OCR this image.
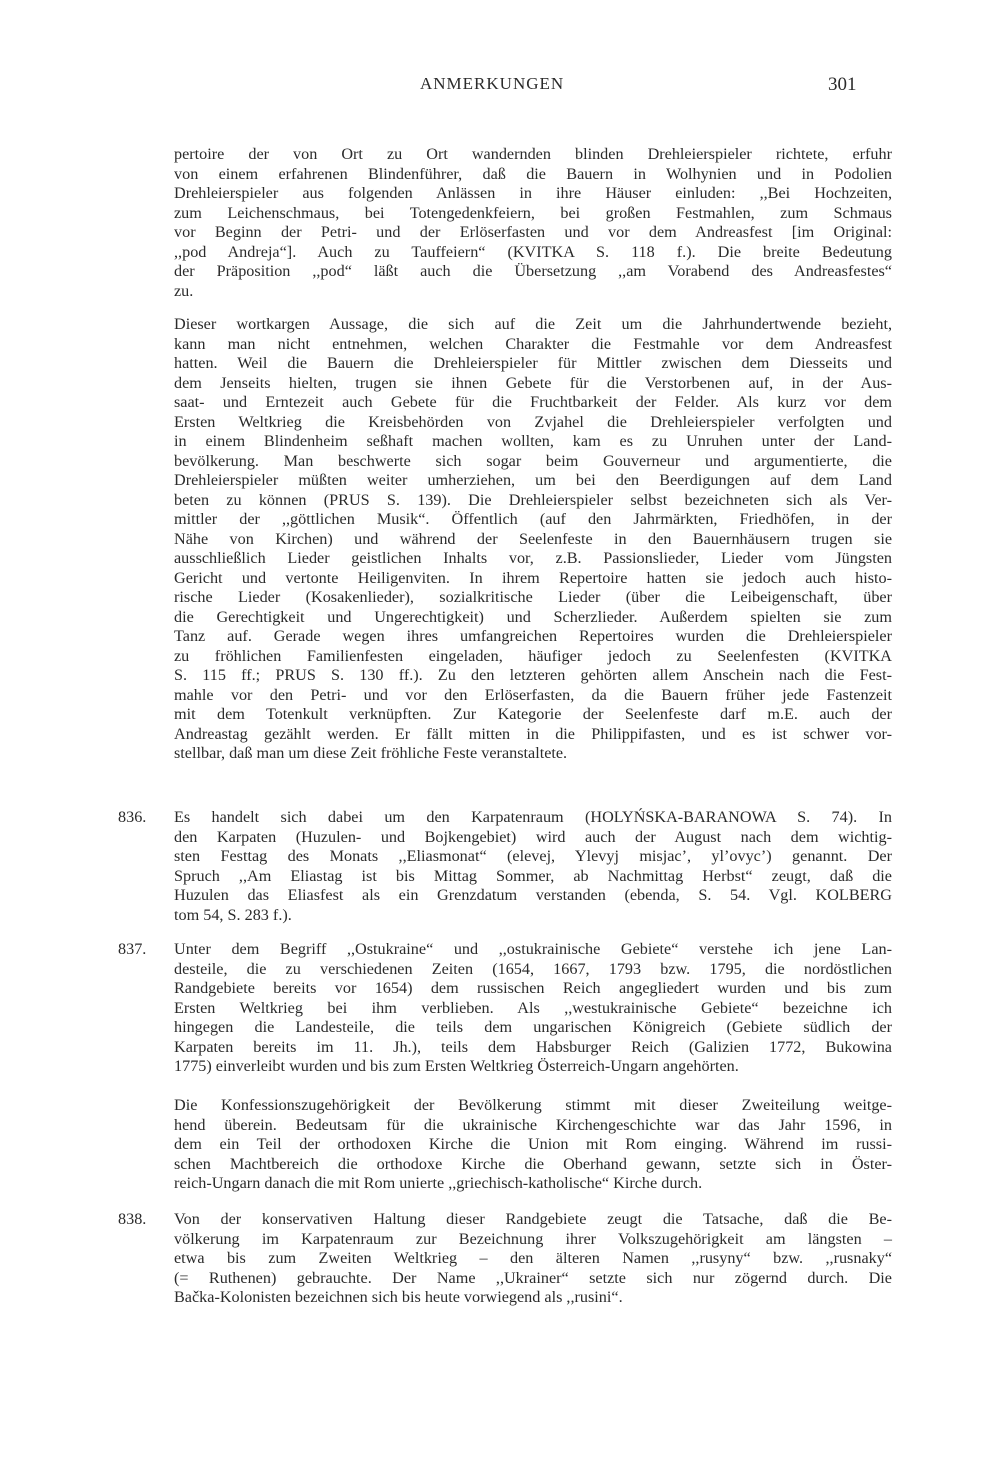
ANMERKUNGEN	301
pertoire der von Ort zu Ort wandernden blinden Drehleierspieler richtete, erfuhr
von einem erfahrenen Blindenführer, daß die Bauern in Wolhynien und in Podolien
Drehleierspieler aus folgenden Anlässen in ihre Häuser einluden: ,,Bei Hochzeiten,
zum Leichenschmaus, bei Totengedenkfeiern, bei großen Festmahlen, zum Schmaus
vor Beginn der Petri- und der Erlöserfasten und vor dem Andreasfest [im Original:
,,pod Andreja“]. Auch zu Tauffeiern“ (KVITKA S. 118 f.). Die breite Bedeutung
der Präposition ,,pod“ läßt auch die Übersetzung ,,am Vorabend des Andreasfestes“
zu.
Dieser wortkargen Aussage, die sich auf die Zeit um die Jahrhundertwende bezieht,
kann man nicht entnehmen, welchen Charakter die Festmahle vor dem Andreasfest
hatten. Weil die Bauern die Drehleierspieler für Mittler zwischen dem Diesseits und
dem Jenseits hielten, trugen sie ihnen Gebete für die Verstorbenen auf, in der Aus-
saat- und Erntezeit auch Gebete für die Fruchtbarkeit der Felder. Als kurz vor dem
Ersten Weltkrieg die Kreisbehörden von Zvjahel die Drehleierspieler verfolgten und
in einem Blindenheim seßhaft machen wollten, kam es zu Unruhen unter der Land-
bevölkerung. Man beschwerte sich sogar beim Gouverneur und argumentierte, die
Drehleierspieler müßten weiter umherziehen, um bei den Beerdigungen auf dem Land
beten zu können (PRUS S. 139). Die Drehleierspieler selbst bezeichneten sich als Ver-
mittler der ,,göttlichen Musik“. Öffentlich (auf den Jahrmärkten, Friedhöfen, in der
Nähe von Kirchen) und während der Seelenfeste in den Bauernhäusern trugen sie
ausschließlich Lieder geistlichen Inhalts vor, z.B. Passionslieder, Lieder vom Jüngsten
Gericht und vertonte Heiligenviten. In ihrem Repertoire hatten sie jedoch auch histo-
rische Lieder (Kosakenlieder), sozialkritische Lieder (über die Leibeigenschaft, über
die Gerechtigkeit und Ungerechtigkeit) und Scherzlieder. Außerdem spielten sie zum
Tanz auf. Gerade wegen ihres umfangreichen Repertoires wurden die Drehleierspieler
zu fröhlichen Familienfesten eingeladen, häufiger jedoch zu Seelenfesten (KVITKA
S. 115 ff.; PRUS S. 130 ff.). Zu den letzteren gehörten allem Anschein nach die Fest-
mahle vor den Petri- und vor den Erlöserfasten, da die Bauern früher jede Fastenzeit
mit dem Totenkult verknüpften. Zur Kategorie der Seelenfeste darf m.E. auch der
Andreastag gezählt werden. Er fällt mitten in die Philippifasten, und es ist schwer vor-
stellbar, daß man um diese Zeit fröhliche Feste veranstaltete.
836. Es handelt sich dabei um den Karpatenraum (HOLYŃSKA-BARANOWA S. 74). In
den Karpaten (Huzulen- und Bojkengebiet) wird auch der August nach dem wichtig-
sten Festtag des Monats ,,Eliasmonat“ (elevej, Ylevyj misjac’, yl’ovyc’) genannt. Der
Spruch ,,Am Eliastag ist bis Mittag Sommer, ab Nachmittag Herbst“ zeugt, daß die
Huzulen das Eliasfest als ein Grenzdatum verstanden (ebenda, S. 54. Vgl. KOLBERG
tom 54, S. 283 f.).
837. Unter dem Begriff ,,Ostukraine“ und ,,ostukrainische Gebiete“ verstehe ich jene Lan-
desteile, die zu verschiedenen Zeiten (1654, 1667, 1793 bzw. 1795, die nordöstlichen
Randgebiete bereits vor 1654) dem russischen Reich angegliedert wurden und bis zum
Ersten Weltkrieg bei ihm verblieben. Als ,,westukrainische Gebiete“ bezeichne ich
hingegen die Landesteile, die teils dem ungarischen Königreich (Gebiete südlich der
Karpaten bereits im 11. Jh.), teils dem Habsburger Reich (Galizien 1772, Bukowina
1775) einverleibt wurden und bis zum Ersten Weltkrieg Österreich-Ungarn angehörten.
Die Konfessionszugehörigkeit der Bevölkerung stimmt mit dieser Zweiteilung weitge-
hend überein. Bedeutsam für die ukrainische Kirchengeschichte war das Jahr 1596, in
dem ein Teil der orthodoxen Kirche die Union mit Rom einging. Während im russi-
schen Machtbereich die orthodoxe Kirche die Oberhand gewann, setzte sich in Öster-
reich-Ungarn danach die mit Rom unierte ,,griechisch-katholische“ Kirche durch.
838. Von der konservativen Haltung dieser Randgebiete zeugt die Tatsache, daß die Be-
völkerung im Karpatenraum zur Bezeichnung ihrer Volkszugehörigkeit am längsten –
etwa bis zum Zweiten Weltkrieg – den älteren Namen ,,rusyny“ bzw. ,,rusnaky“
(= Ruthenen) gebrauchte. Der Name ,,Ukrainer“ setzte sich nur zögernd durch. Die
Bačka-Kolonisten bezeichnen sich bis heute vorwiegend als ,,rusini“.
